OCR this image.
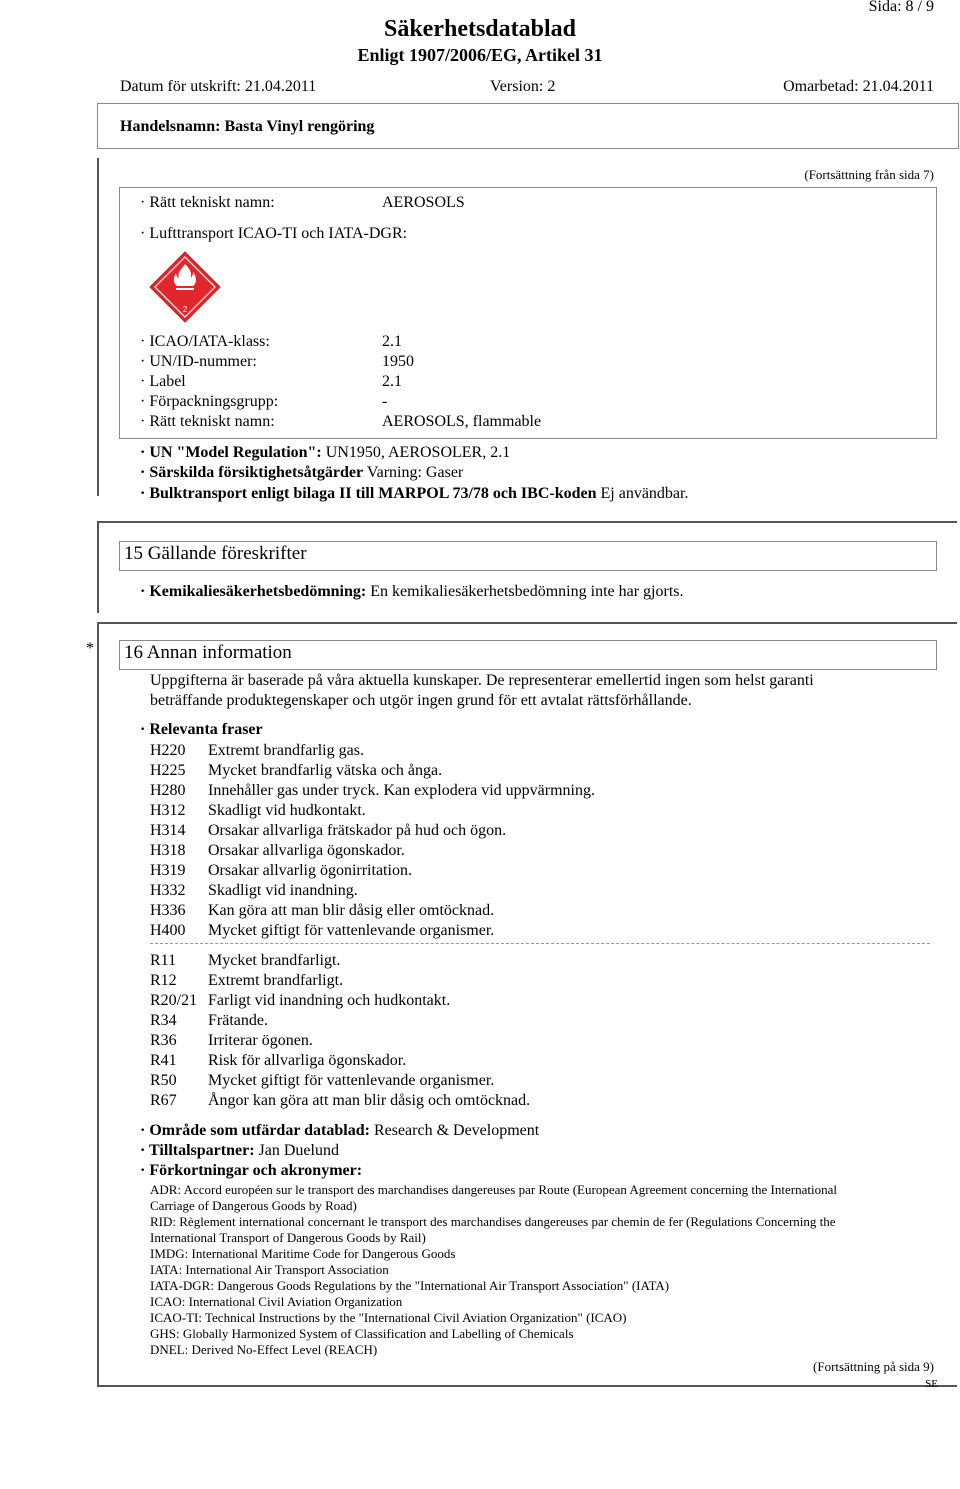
Sida: 8 / 9
Säkerhetsdatablad
Enligt 1907/2006/EG, Artikel 31
Datum för utskrift: 21.04.2011	Version: 2	Omarbetad: 21.04.2011
Handelsnamn: Basta Vinyl rengöring
(Fortsättning från sida 7)
· Rätt tekniskt namn:	AEROSOLS
· Lufttransport ICAO-TI och IATA-DGR:
2
· ICAO/IATA-klass:	2.1
· UN/ID-nummer:	1950
· Label	2.1
· Förpackningsgrupp:	-
· Rätt tekniskt namn:	AEROSOLS, flammable
· UN "Model Regulation": UN1950, AEROSOLER, 2.1
· Särskilda försiktighetsåtgärder Varning: Gaser
· Bulktransport enligt bilaga II till MARPOL 73/78 och IBC-koden Ej användbar.
15 Gällande föreskrifter
· Kemikaliesäkerhetsbedömning: En kemikaliesäkerhetsbedömning inte har gjorts.
* 16 Annan information
Uppgifterna är baserade på våra aktuella kunskaper. De representerar emellertid ingen som helst garanti
beträffande produktegenskaper och utgör ingen grund för ett avtalat rättsförhållande.
· Relevanta fraser
H220 Extremt brandfarlig gas.
H225 Mycket brandfarlig vätska och ånga.
H280 Innehåller gas under tryck. Kan explodera vid uppvärmning.
H312 Skadligt vid hudkontakt.
H314 Orsakar allvarliga frätskador på hud och ögon.
H318 Orsakar allvarliga ögonskador.
H319 Orsakar allvarlig ögonirritation.
H332 Skadligt vid inandning.
H336 Kan göra att man blir dåsig eller omtöcknad.
H400 Mycket giftigt för vattenlevande organismer.
R11 Mycket brandfarligt.
R12 Extremt brandfarligt.
R20/21 Farligt vid inandning och hudkontakt.
R34 Frätande.
R36 Irriterar ögonen.
R41 Risk för allvarliga ögonskador.
R50 Mycket giftigt för vattenlevande organismer.
R67 Ångor kan göra att man blir dåsig och omtöcknad.
· Område som utfärdar datablad: Research & Development
· Tilltalspartner: Jan Duelund
· Förkortningar och akronymer:
ADR: Accord européen sur le transport des marchandises dangereuses par Route (European Agreement concerning the International
Carriage of Dangerous Goods by Road)
RID: Règlement international concernant le transport des marchandises dangereuses par chemin de fer (Regulations Concerning the
International Transport of Dangerous Goods by Rail)
IMDG: International Maritime Code for Dangerous Goods
IATA: International Air Transport Association
IATA-DGR: Dangerous Goods Regulations by the "International Air Transport Association" (IATA)
ICAO: International Civil Aviation Organization
ICAO-TI: Technical Instructions by the "International Civil Aviation Organization" (ICAO)
GHS: Globally Harmonized System of Classification and Labelling of Chemicals
DNEL: Derived No-Effect Level (REACH)
(Fortsättning på sida 9)
SE
